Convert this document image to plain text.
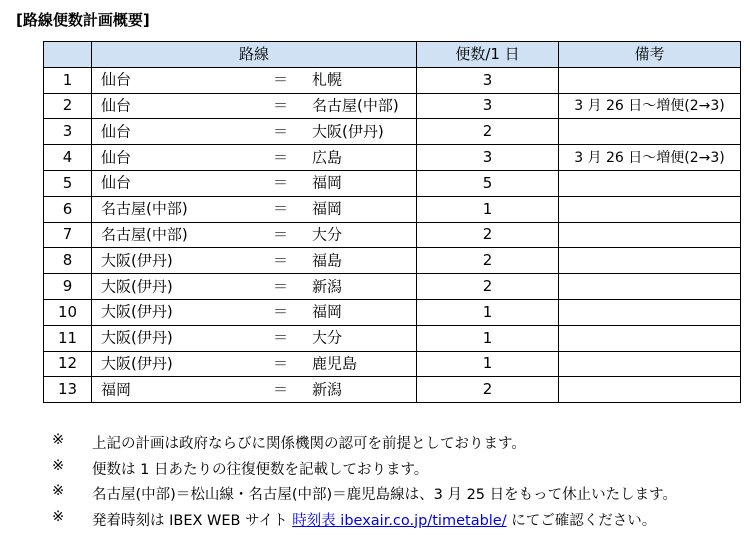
[路線便数計画概要]
	路線	便数/1 日	備考
1	仙台 ＝ 札幌	3	
2	仙台 ＝ 名古屋(中部)	3	3 月 26 日～増便(2→3)
3	仙台 ＝ 大阪(伊丹)	2	
4	仙台 ＝ 広島	3	3 月 26 日～増便(2→3)
5	仙台 ＝ 福岡	5	
6	名古屋(中部) ＝ 福岡	1	
7	名古屋(中部) ＝ 大分	2	
8	大阪(伊丹) ＝ 福島	2	
9	大阪(伊丹) ＝ 新潟	2	
10	大阪(伊丹) ＝ 福岡	1	
11	大阪(伊丹) ＝ 大分	1	
12	大阪(伊丹) ＝ 鹿児島	1	
13	福岡 ＝ 新潟	2	
※ 上記の計画は政府ならびに関係機関の認可を前提としております。
※ 便数は 1 日あたりの往復便数を記載しております。
※ 名古屋(中部)＝松山線・名古屋(中部)＝鹿児島線は、3 月 25 日をもって休止いたします。
※ 発着時刻は IBEX WEB サイト 時刻表 ibexair.co.jp/timetable/ にてご確認ください。
